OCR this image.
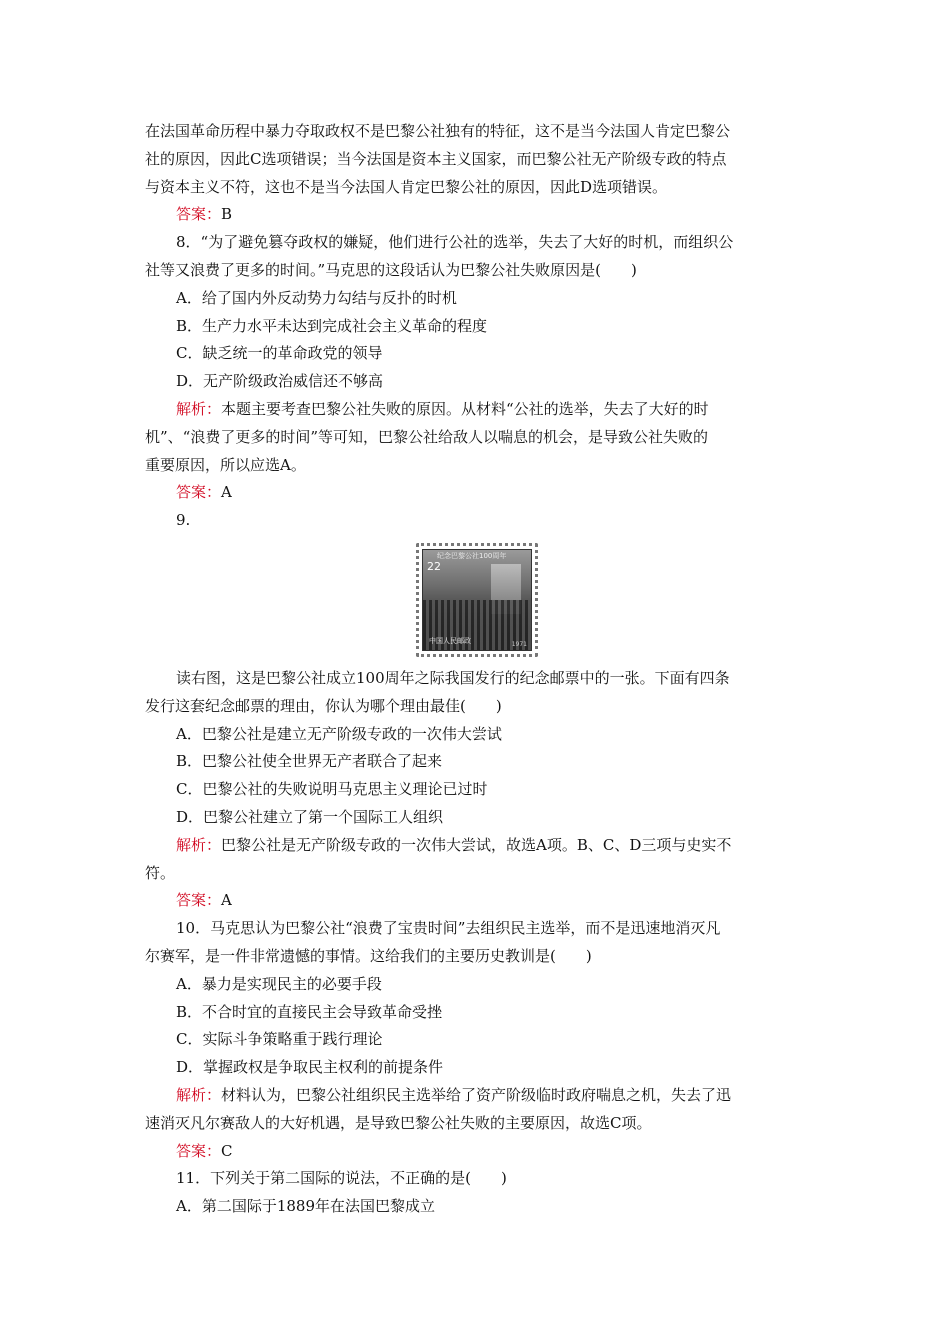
在法国革命历程中暴力夺取政权不是巴黎公社独有的特征，这不是当今法国人肯定巴黎公

社的原因，因此C选项错误；当今法国是资本主义国家，而巴黎公社无产阶级专政的特点

与资本主义不符，这也不是当今法国人肯定巴黎公社的原因，因此D选项错误。

答案：B

8．“为了避免篡夺政权的嫌疑，他们进行公社的选举，失去了大好的时机，而组织公

社等又浪费了更多的时间。”马克思的这段话认为巴黎公社失败原因是(　　)

A．给了国内外反动势力勾结与反扑的时机

B．生产力水平未达到完成社会主义革命的程度

C．缺乏统一的革命政党的领导

D．无产阶级政治威信还不够高

解析：本题主要考查巴黎公社失败的原因。从材料“公社的选举，失去了大好的时

机”、“浪费了更多的时间”等可知，巴黎公社给敌人以喘息的机会，是导致公社失败的

重要原因，所以应选A。

答案：A

9.

纪念巴黎公社100周年
22
中国人民邮政	1971

读右图，这是巴黎公社成立100周年之际我国发行的纪念邮票中的一张。下面有四条

发行这套纪念邮票的理由，你认为哪个理由最佳(　　)

A．巴黎公社是建立无产阶级专政的一次伟大尝试

B．巴黎公社使全世界无产者联合了起来

C．巴黎公社的失败说明马克思主义理论已过时

D．巴黎公社建立了第一个国际工人组织

解析：巴黎公社是无产阶级专政的一次伟大尝试，故选A项。B、C、D三项与史实不

符。

答案：A

10．马克思认为巴黎公社“浪费了宝贵时间”去组织民主选举，而不是迅速地消灭凡

尔赛军，是一件非常遗憾的事情。这给我们的主要历史教训是(　　)

A．暴力是实现民主的必要手段

B．不合时宜的直接民主会导致革命受挫

C．实际斗争策略重于践行理论

D．掌握政权是争取民主权利的前提条件

解析：材料认为，巴黎公社组织民主选举给了资产阶级临时政府喘息之机，失去了迅

速消灭凡尔赛敌人的大好机遇，是导致巴黎公社失败的主要原因，故选C项。

答案：C

11．下列关于第二国际的说法，不正确的是(　　)

A．第二国际于1889年在法国巴黎成立
